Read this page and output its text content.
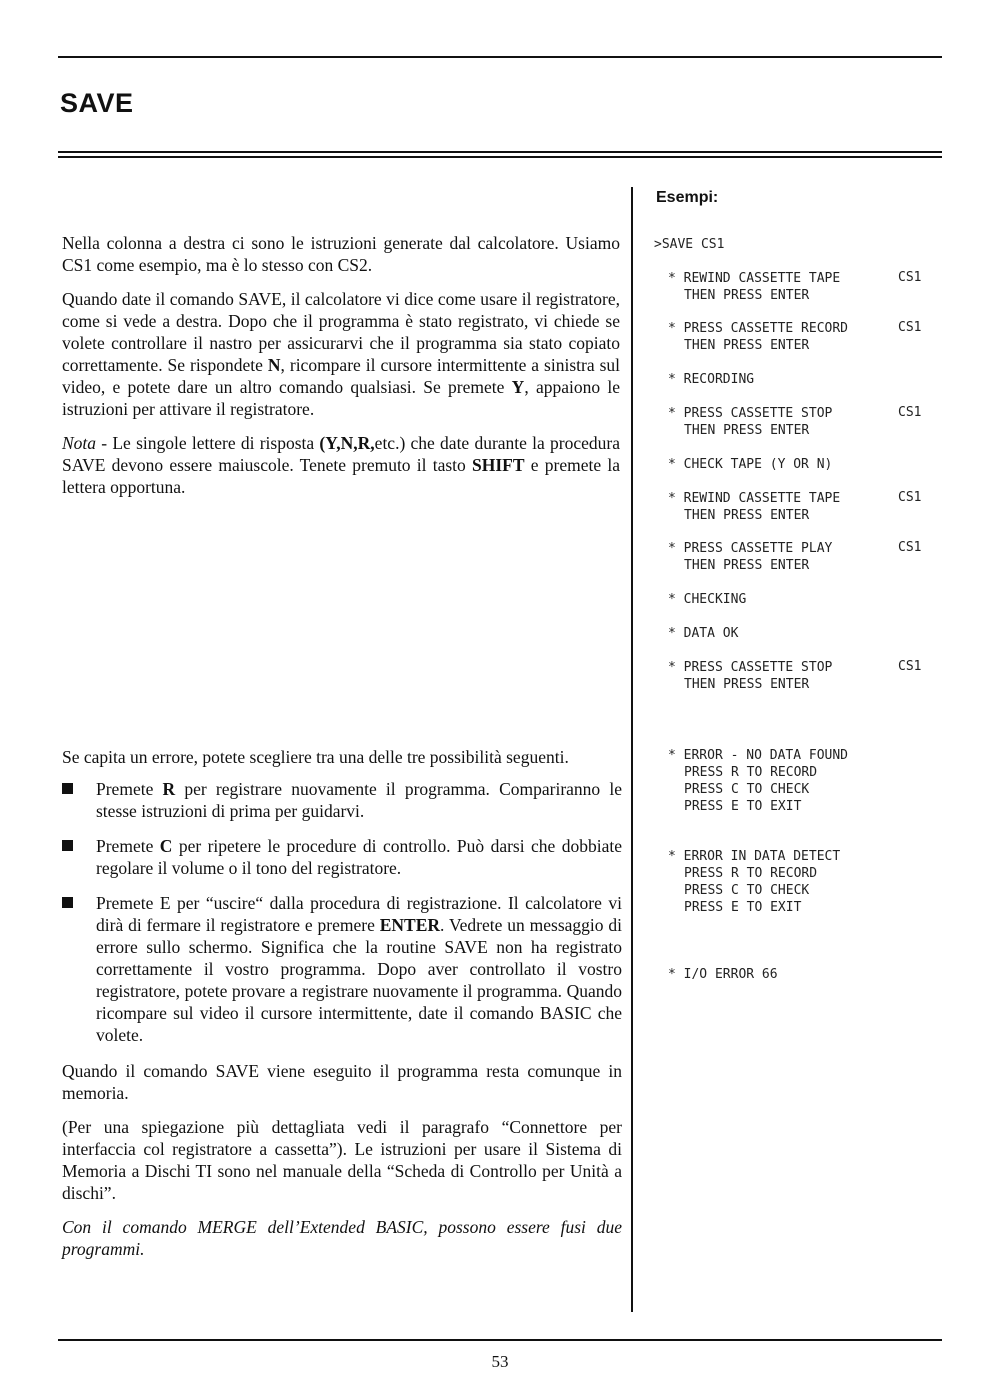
SAVE
Esempi:

Nella colonna a destra ci sono le istruzioni generate dal calcolatore. Usiamo CS1 come esempio, ma è lo stesso con CS2.

Quando date il comando SAVE, il calcolatore vi dice come usare il registratore, come si vede a destra. Dopo che il programma è stato registrato, vi chiede se volete controllare il nastro per assicurarvi che il programma sia stato copiato correttamente. Se rispondete N, ricompare il cursore intermittente a sinistra sul video, e potete dare un altro comando qualsiasi. Se premete Y, appaiono le istruzioni per attivare il registratore.

Nota - Le singole lettere di risposta (Y,N,R,etc.) che date durante la procedura SAVE devono essere maiuscole. Tenete premuto il tasto SHIFT e premete la lettera opportuna.

Se capita un errore, potete scegliere tra una delle tre possibilità seguenti.

Premete R per registrare nuovamente il programma. Compariranno le stesse istruzioni di prima per guidarvi.
Premete C per ripetere le procedure di controllo. Può darsi che dobbiate regolare il volume o il tono del registratore.
Premete E per “uscire“ dalla procedura di registrazione. Il calcolatore vi dirà di fermare il registratore e premere ENTER. Vedrete un messaggio di errore sullo schermo. Significa che la routine SAVE non ha registrato correttamente il vostro programma. Dopo aver controllato il vostro registratore, potete provare a registrare nuovamente il programma. Quando ricompare sul video il cursore intermittente, date il comando BASIC che volete.

Quando il comando SAVE viene eseguito il programma resta comunque in memoria.

(Per una spiegazione più dettagliata vedi il paragrafo “Connettore per interfaccia col registratore a cassetta”). Le istruzioni per usare il Sistema di Memoria a Dischi TI sono nel manuale della “Scheda di Controllo per Unità a dischi”.

Con il comando MERGE dell’Extended BASIC, possono essere fusi due programmi.

>SAVE CS1
* REWIND CASSETTE TAPE
THEN PRESS ENTER
CS1
* PRESS CASSETTE RECORD
THEN PRESS ENTER
CS1
* RECORDING
* PRESS CASSETTE STOP
THEN PRESS ENTER
CS1
* CHECK TAPE (Y OR N)
* REWIND CASSETTE TAPE
THEN PRESS ENTER
CS1
* PRESS CASSETTE PLAY
THEN PRESS ENTER
CS1
* CHECKING
* DATA OK
* PRESS CASSETTE STOP
THEN PRESS ENTER
CS1
* ERROR - NO DATA FOUND
PRESS R TO RECORD
PRESS C TO CHECK
PRESS E TO EXIT
* ERROR IN DATA DETECT
PRESS R TO RECORD
PRESS C TO CHECK
PRESS E TO EXIT
* I/O ERROR 66
53
